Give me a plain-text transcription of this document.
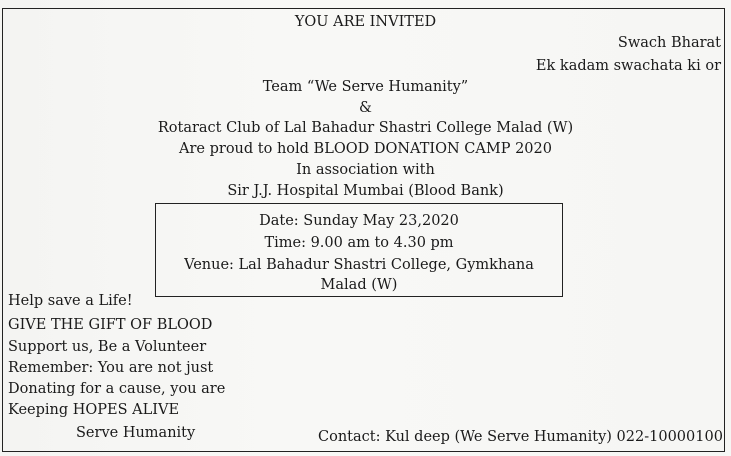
YOU ARE INVITED
Swach Bharat
Ek kadam swachata ki or
Team “We Serve Humanity”
&
Rotaract Club of Lal Bahadur Shastri College Malad (W)
Are proud to hold BLOOD DONATION CAMP 2020
In association with
Sir J.J. Hospital Mumbai (Blood Bank)
Date: Sunday May 23,2020
Time: 9.00 am to 4.30 pm
Venue: Lal Bahadur Shastri College, Gymkhana
Malad (W)
Help save a Life!
GIVE THE GIFT OF BLOOD
Support us, Be a Volunteer
Remember: You are not just
Donating for a cause, you are
Keeping HOPES ALIVE
Serve Humanity	Contact: Kul deep (We Serve Humanity) 022-10000100
